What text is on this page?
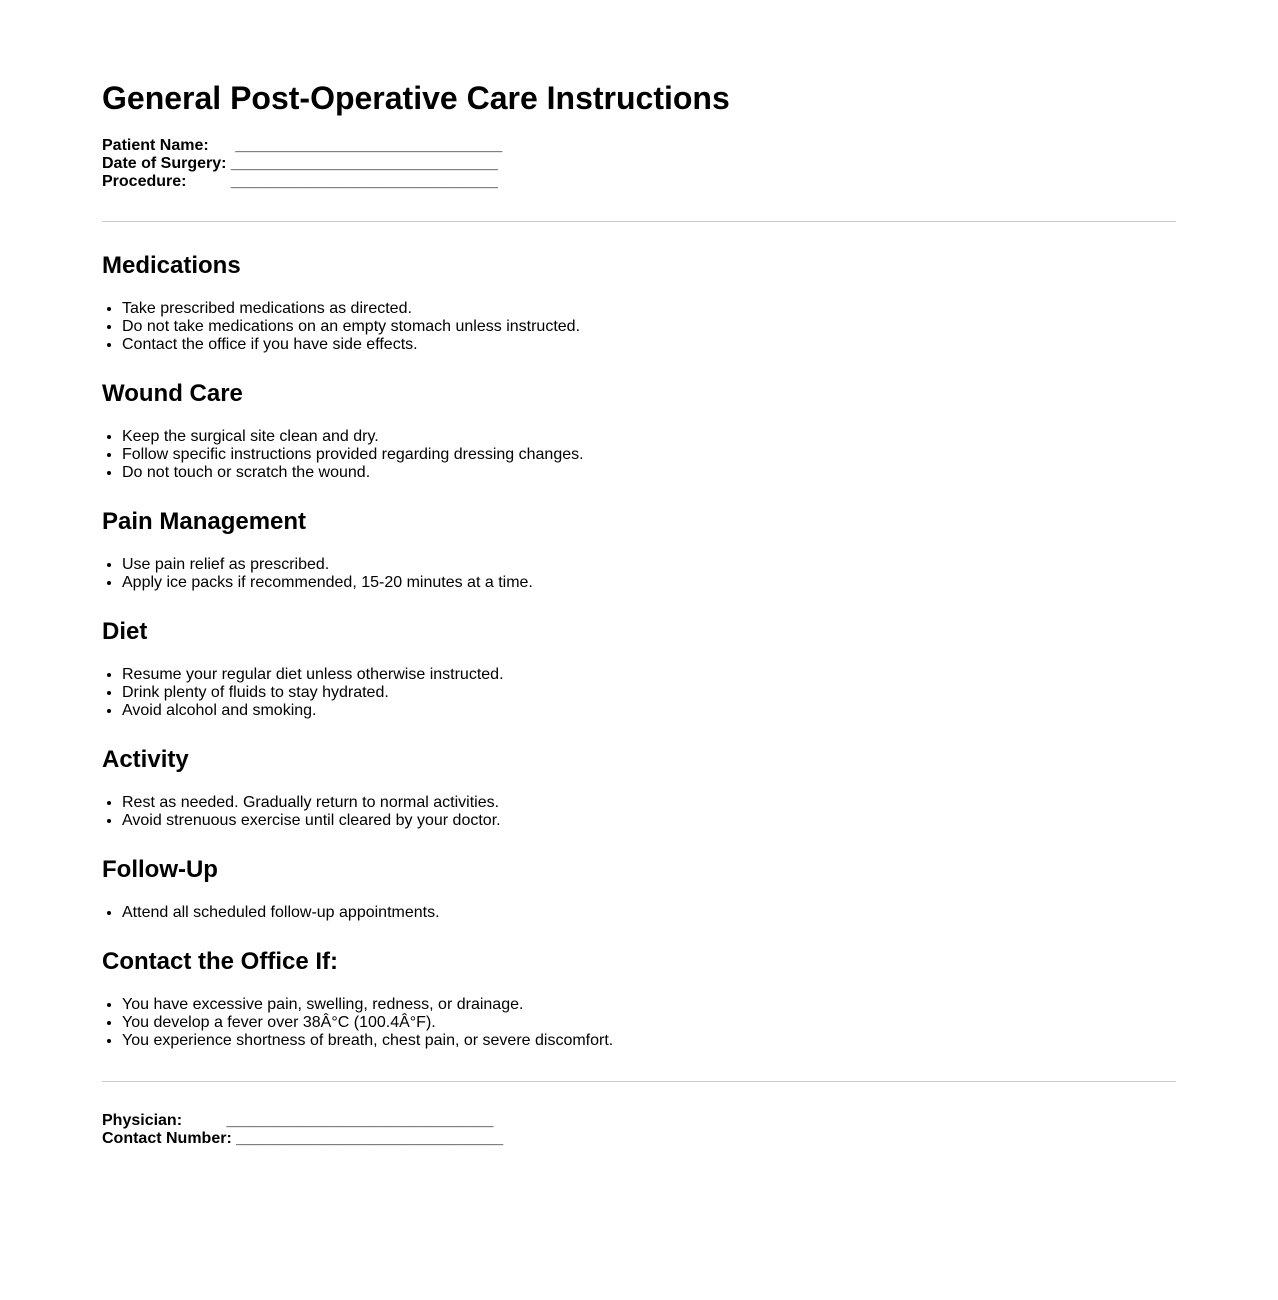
General Post-Operative Care Instructions
Patient Name:
______________________________
Date of Surgery:
______________________________
Procedure:
	______________________________
Medications
• Take prescribed medications as directed.
• Do not take medications on an empty stomach unless instructed.
• Contact the office if you have side effects.
Wound Care
• Keep the surgical site clean and dry.
• Follow specific instructions provided regarding dressing changes.
• Do not touch or scratch the wound.
Pain Management
• Use pain relief as prescribed.
• Apply ice packs if recommended, 15-20 minutes at a time.
Diet
• Resume your regular diet unless otherwise instructed.
• Drink plenty of fluids to stay hydrated.
• Avoid alcohol and smoking.
Activity
• Rest as needed. Gradually return to normal activities.
• Avoid strenuous exercise until cleared by your doctor.
Follow-Up
• Attend all scheduled follow-up appointments.
Contact the Office If:
• You have excessive pain, swelling, redness, or drainage.
• You develop a fever over 38Â°C (100.4Â°F).
• You experience shortness of breath, chest pain, or severe discomfort.
Physician:
	______________________________
Contact Number:
______________________________
